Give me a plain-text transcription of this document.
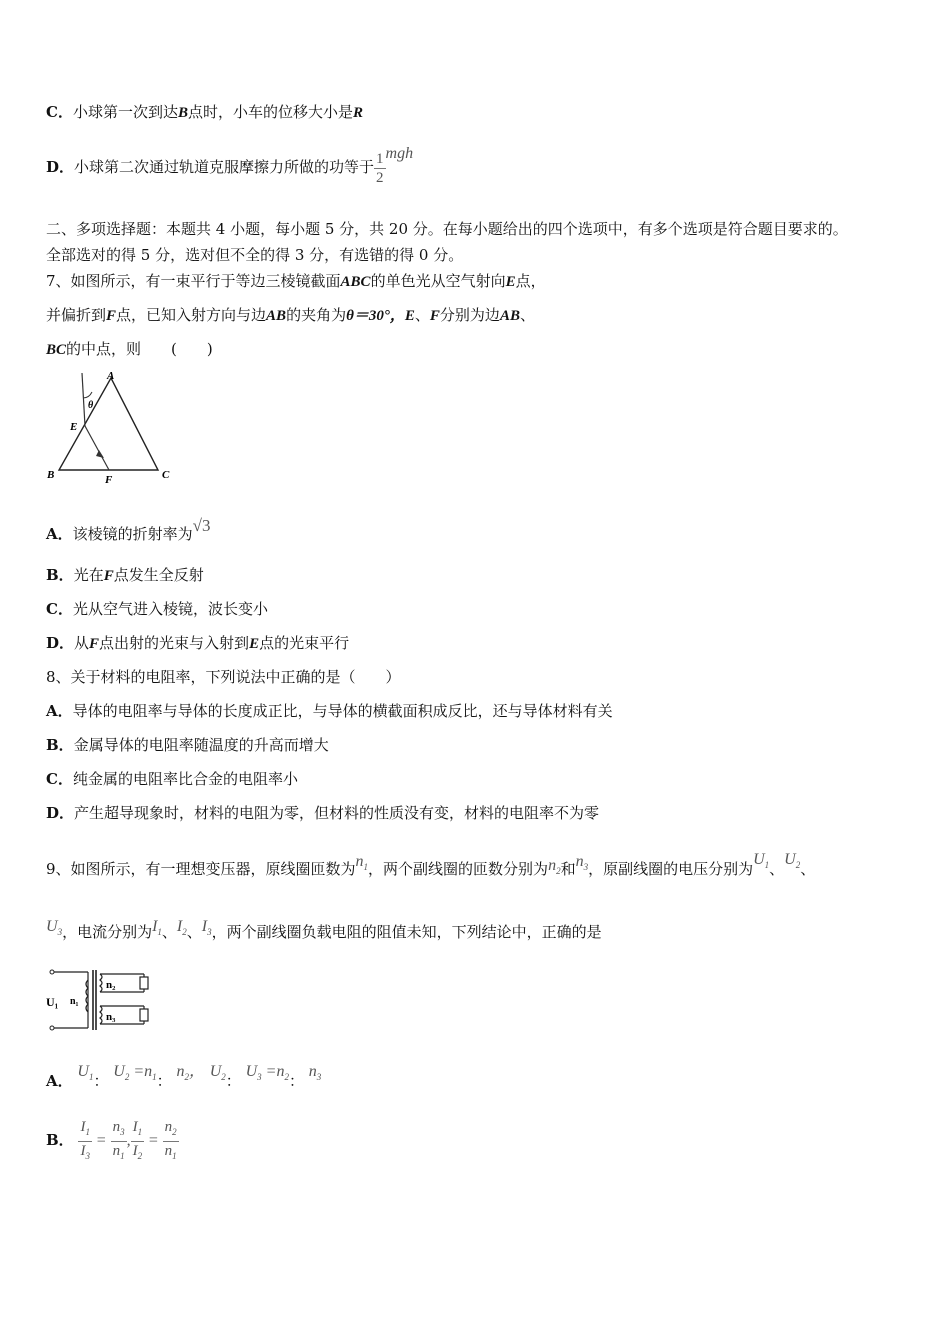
C．小球第一次到达B点时，小车的位移大小是R
D．小球第二次通过轨道克服摩擦力所做的功等于 $\frac{1}{2}$ mgh
二、多项选择题：本题共 4 小题，每小题 5 分，共 20 分。在每小题给出的四个选项中，有多个选项是符合题目要求的。
全部选对的得 5 分，选对但不全的得 3 分，有选错的得 0 分。
7、如图所示，有一束平行于等边三棱镜截面ABC的单色光从空气射向E点，
并偏折到F点，已知入射方向与边AB的夹角为θ＝30°，E、F分别为边AB、
BC的中点，则　　(　　)
A
B	C
E
F
θ
A．该棱镜的折射率为√3
B．光在F点发生全反射
C．光从空气进入棱镜，波长变小
D．从F点出射的光束与入射到E点的光束平行
8、关于材料的电阻率，下列说法中正确的是（　　）
A．导体的电阻率与导体的长度成正比，与导体的横截面积成反比，还与导体材料有关
B．金属导体的电阻率随温度的升高而增大
C．纯金属的电阻率比合金的电阻率小
D．产生超导现象时，材料的电阻为零，但材料的性质没有变，材料的电阻率不为零
9、如图所示，有一理想变压器，原线圈匝数为$n_1$，两个副线圈的匝数分别为$n_2$和$n_3$，原副线圈的电压分别为$U_1$、$U_2$、
$U_3$，电流分别为$I_1$、$I_2$、$I_3$，两个副线圈负载电阻的阻值未知，下列结论中，正确的是
U₁ n₁
n₂
n₃
A． $U_1$： $U_2 =n_1$： $n_2$， $U_2$： $U_3 =n_2$： $n_3$
B． $\frac{I_1}{I_3} = \frac{n_3}{n_1}$ , $\frac{I_1}{I_2} = \frac{n_2}{n_1}$
